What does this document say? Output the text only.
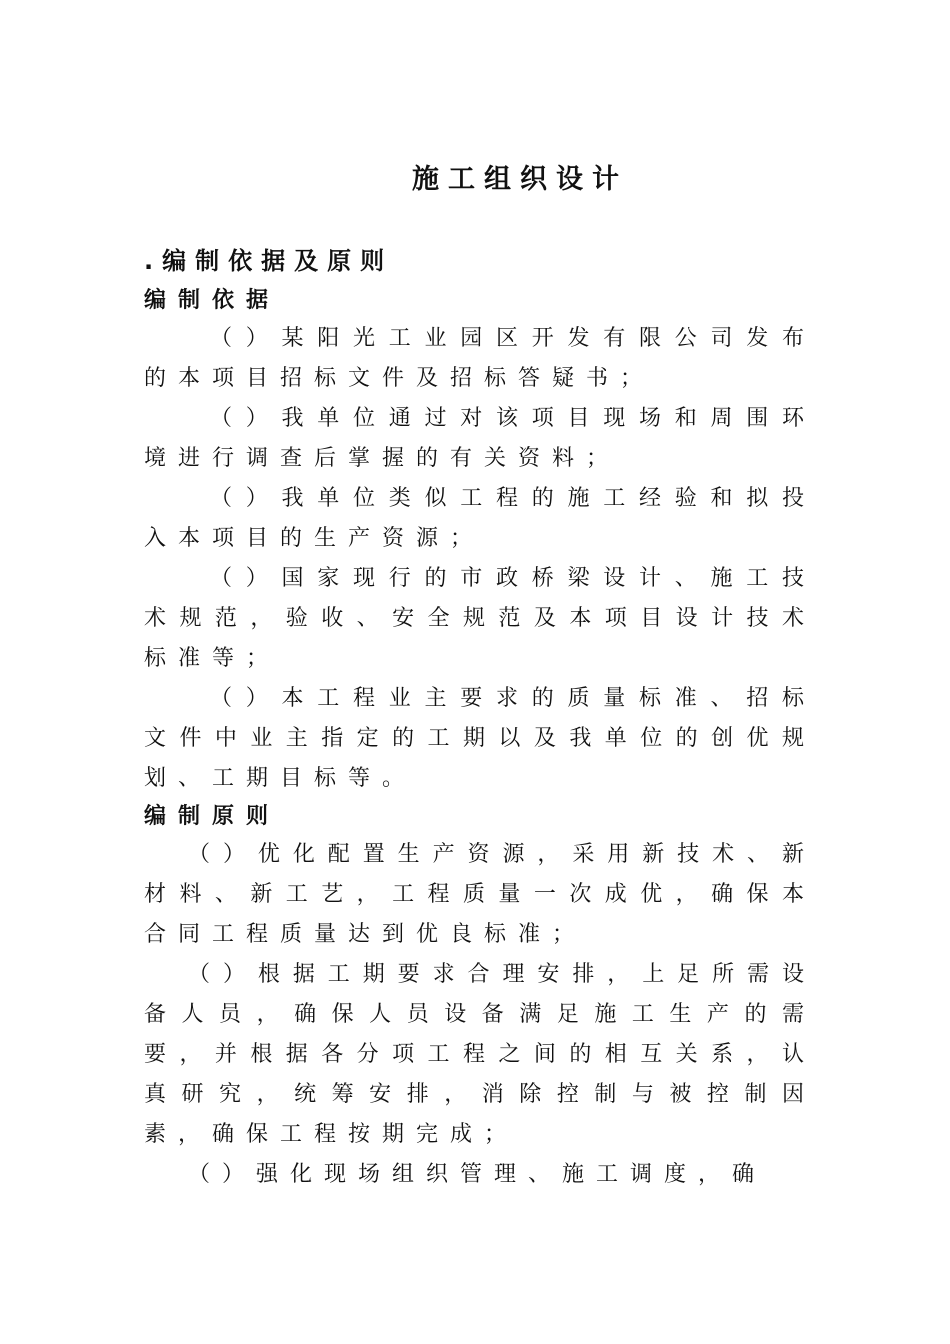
施工组织设计
.编制依据及原则
编制依据

（）某阳光工业园区开发有限公司发布的本项目招标文件及招标答疑书；

（）我单位通过对该项目现场和周围环境进行调查后掌握的有关资料；

（）我单位类似工程的施工经验和拟投入本项目的生产资源；

（）国家现行的市政桥梁设计、施工技术规范，验收、安全规范及本项目设计技术标准等；

（）本工程业主要求的质量标准、招标文件中业主指定的工期以及我单位的创优规划、工期目标等。

编制原则

（）优化配置生产资源，采用新技术、新材料、新工艺，工程质量一次成优，确保本合同工程质量达到优良标准；

（）根据工期要求合理安排，上足所需设备人员，确保人员设备满足施工生产的需要，并根据各分项工程之间的相互关系，认真研究，统筹安排，消除控制与被控制因素，确保工程按期完成；

（）强化现场组织管理、施工调度，确
